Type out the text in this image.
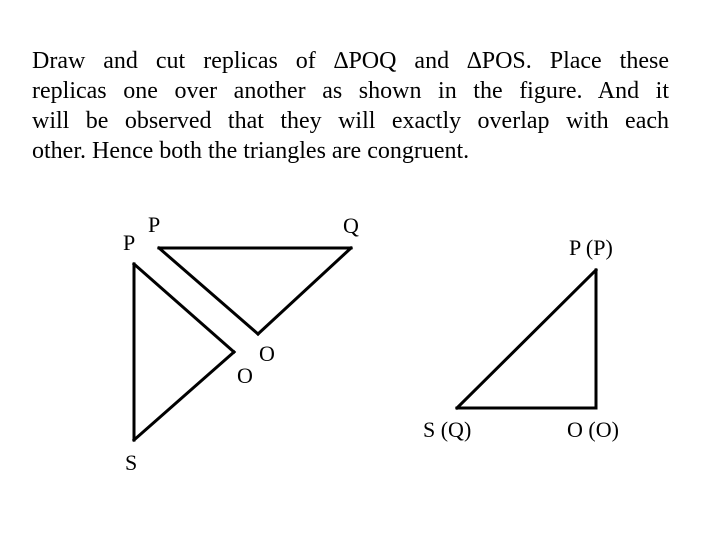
Draw and cut replicas of ∆POQ and ∆POS. Place these
replicas one over another as shown in the figure. And it
will be observed that they will exactly overlap with each
other. Hence both the triangles are congruent.

P	Q
O
P
O
S
P (P)
S (Q)	O (O)
